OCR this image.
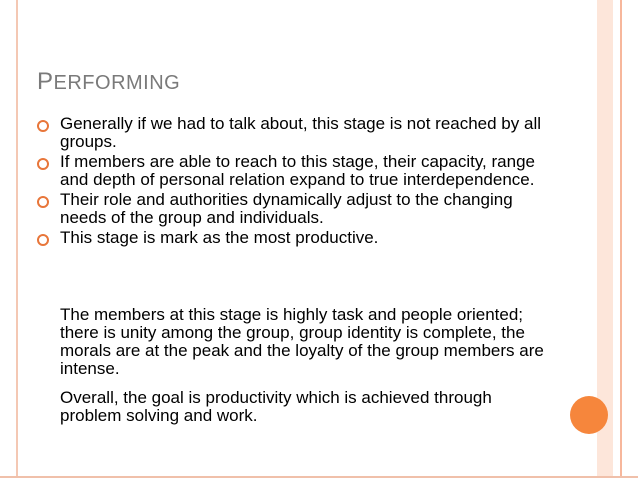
PERFORMING
Generally if we had to talk about, this stage is not reached by all groups.
If members are able to reach to this stage, their capacity, range and depth of personal relation expand to true interdependence.
Their role and authorities dynamically adjust to the changing needs of the group and individuals.
This stage is mark as the most productive.

The members at this stage is highly task and people oriented; there is unity among the group, group identity is complete, the morals are at the peak and the loyalty of the group members are intense.

Overall, the goal is productivity which is achieved through problem solving and work.
